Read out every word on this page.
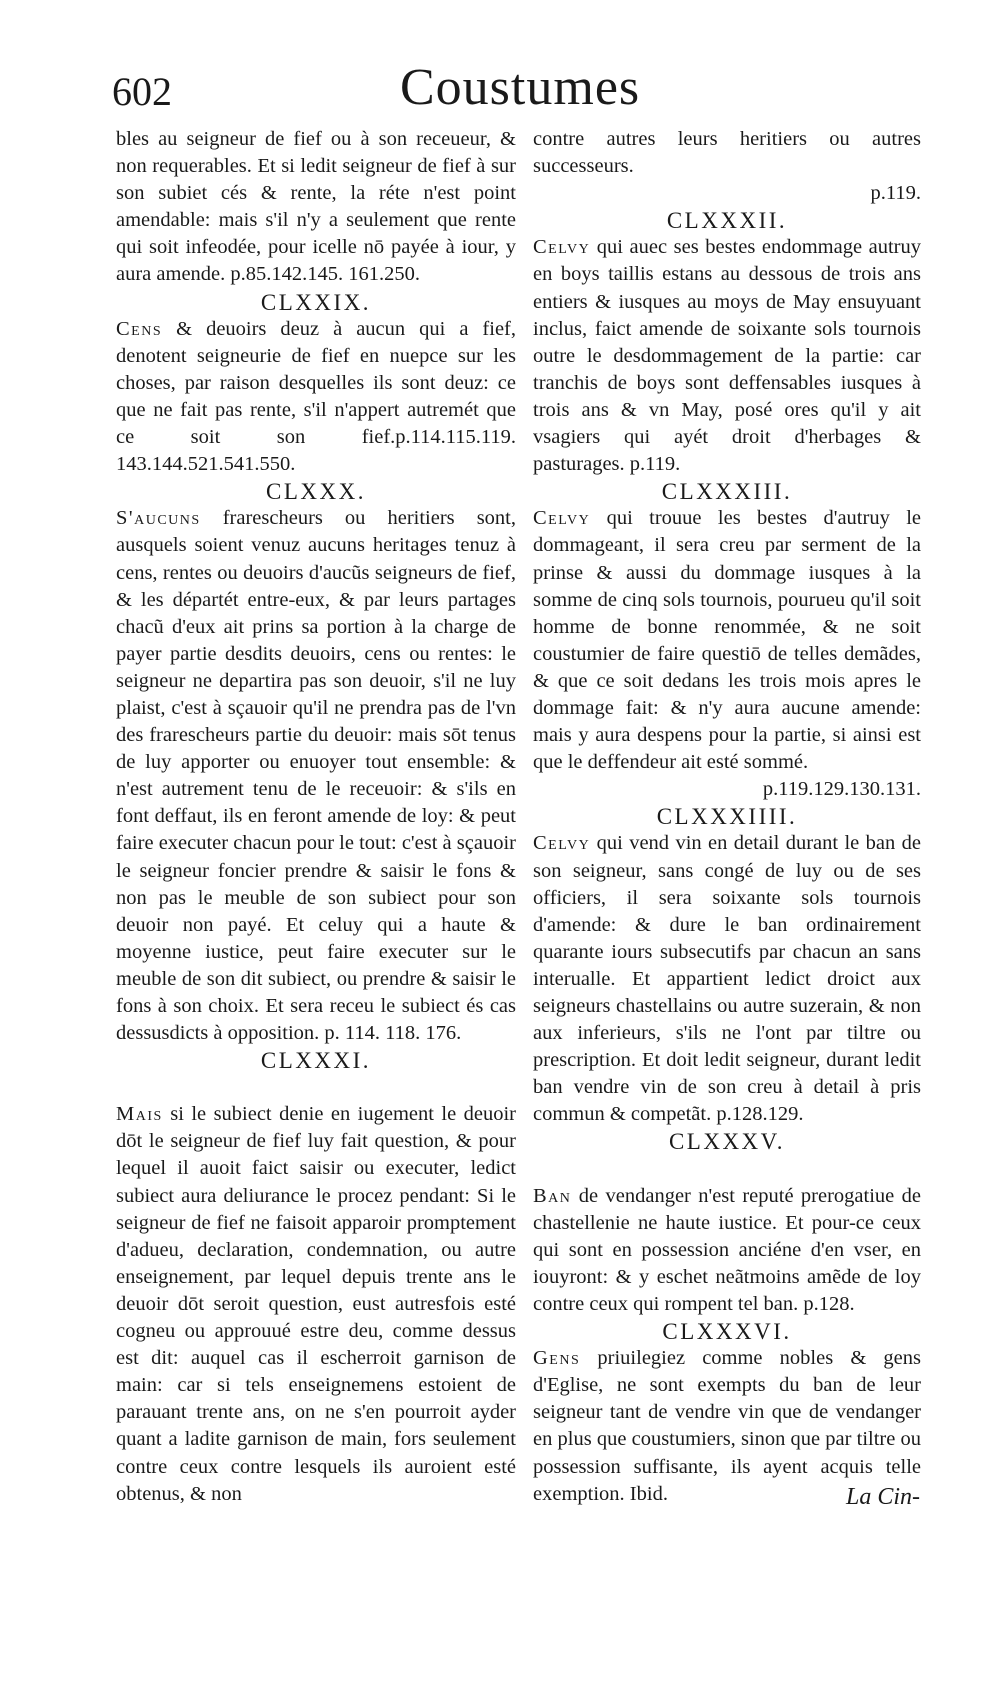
602	Coustumes

bles au seigneur de fief ou à son receueur, & non requerables. Et si ledit seigneur de fief à sur son subiet cés & rente, la réte n'est point amendable: mais s'il n'y a seulement que rente qui soit infeodée, pour icelle nō payée à iour, y aura amende. p.85.142.145. 161.250.

CLXXIX.

Cens & deuoirs deuz à aucun qui a fief, denotent seigneurie de fief en nuepce sur les choses, par raison desquelles ils sont deuz: ce que ne fait pas rente, s'il n'appert autremét que ce soit son fief.p.114.115.119. 143.144.521.541.550.

CLXXX.

S'aucuns frarescheurs ou heritiers sont, ausquels soient venuz aucuns heritages tenuz à cens, rentes ou deuoirs d'aucũs seigneurs de fief, & les départét entre-eux, & par leurs partages chacũ d'eux ait prins sa portion à la charge de payer partie desdits deuoirs, cens ou rentes: le seigneur ne departira pas son deuoir, s'il ne luy plaist, c'est à sçauoir qu'il ne prendra pas de l'vn des frarescheurs partie du deuoir: mais sōt tenus de luy apporter ou enuoyer tout ensemble: & n'est autrement tenu de le receuoir: & s'ils en font deffaut, ils en feront amende de loy: & peut faire executer chacun pour le tout: c'est à sçauoir le seigneur foncier prendre & saisir le fons & non pas le meuble de son subiect pour son deuoir non payé. Et celuy qui a haute & moyenne iustice, peut faire executer sur le meuble de son dit subiect, ou prendre & saisir le fons à son choix. Et sera receu le subiect és cas dessusdicts à opposition. p. 114. 118. 176.

CLXXXI.

Mais si le subiect denie en iugement le deuoir dōt le seigneur de fief luy fait question, & pour lequel il auoit faict saisir ou executer, ledict subiect aura deliurance le procez pendant: Si le seigneur de fief ne faisoit apparoir promptement d'adueu, declaration, condemnation, ou autre enseignement, par lequel depuis trente ans le deuoir dōt seroit question, eust autresfois esté cogneu ou approuué estre deu, comme dessus est dit: auquel cas il escherroit garnison de main: car si tels enseignemens estoient de parauant trente ans, on ne s'en pourroit ayder quant a ladite garnison de main, fors seulement contre ceux contre lesquels ils auroient esté obtenus, & non

contre autres leurs heritiers ou autres successeurs.

p.119.

CLXXXII.

Celvy qui auec ses bestes endommage autruy en boys taillis estans au dessous de trois ans entiers & iusques au moys de May ensuyuant inclus, faict amende de soixante sols tournois outre le desdommagement de la partie: car tranchis de boys sont deffensables iusques à trois ans & vn May, posé ores qu'il y ait vsagiers qui ayét droit d'herbages & pasturages. p.119.

CLXXXIII.

Celvy qui trouue les bestes d'autruy le dommageant, il sera creu par serment de la prinse & aussi du dommage iusques à la somme de cinq sols tournois, pourueu qu'il soit homme de bonne renommée, & ne soit coustumier de faire questiō de telles demãdes, & que ce soit dedans les trois mois apres le dommage fait: & n'y aura aucune amende: mais y aura despens pour la partie, si ainsi est que le deffendeur ait esté sommé.

p.119.129.130.131.

CLXXXIIII.

Celvy qui vend vin en detail durant le ban de son seigneur, sans congé de luy ou de ses officiers, il sera soixante sols tournois d'amende: & dure le ban ordinairement quarante iours subsecutifs par chacun an sans interualle. Et appartient ledict droict aux seigneurs chastellains ou autre suzerain, & non aux inferieurs, s'ils ne l'ont par tiltre ou prescription. Et doit ledit seigneur, durant ledit ban vendre vin de son creu à detail à pris commun & competãt. p.128.129.

CLXXXV.

Ban de vendanger n'est reputé prerogatiue de chastellenie ne haute iustice. Et pour-ce ceux qui sont en possession anciéne d'en vser, en iouyront: & y eschet neãtmoins amẽde de loy contre ceux qui rompent tel ban. p.128.

CLXXXVI.

Gens priuilegiez comme nobles & gens d'Eglise, ne sont exempts du ban de leur seigneur tant de vendre vin que de vendanger en plus que coustumiers, sinon que par tiltre ou possession suffisante, ils ayent acquis telle exemption. Ibid.	La Cin-
